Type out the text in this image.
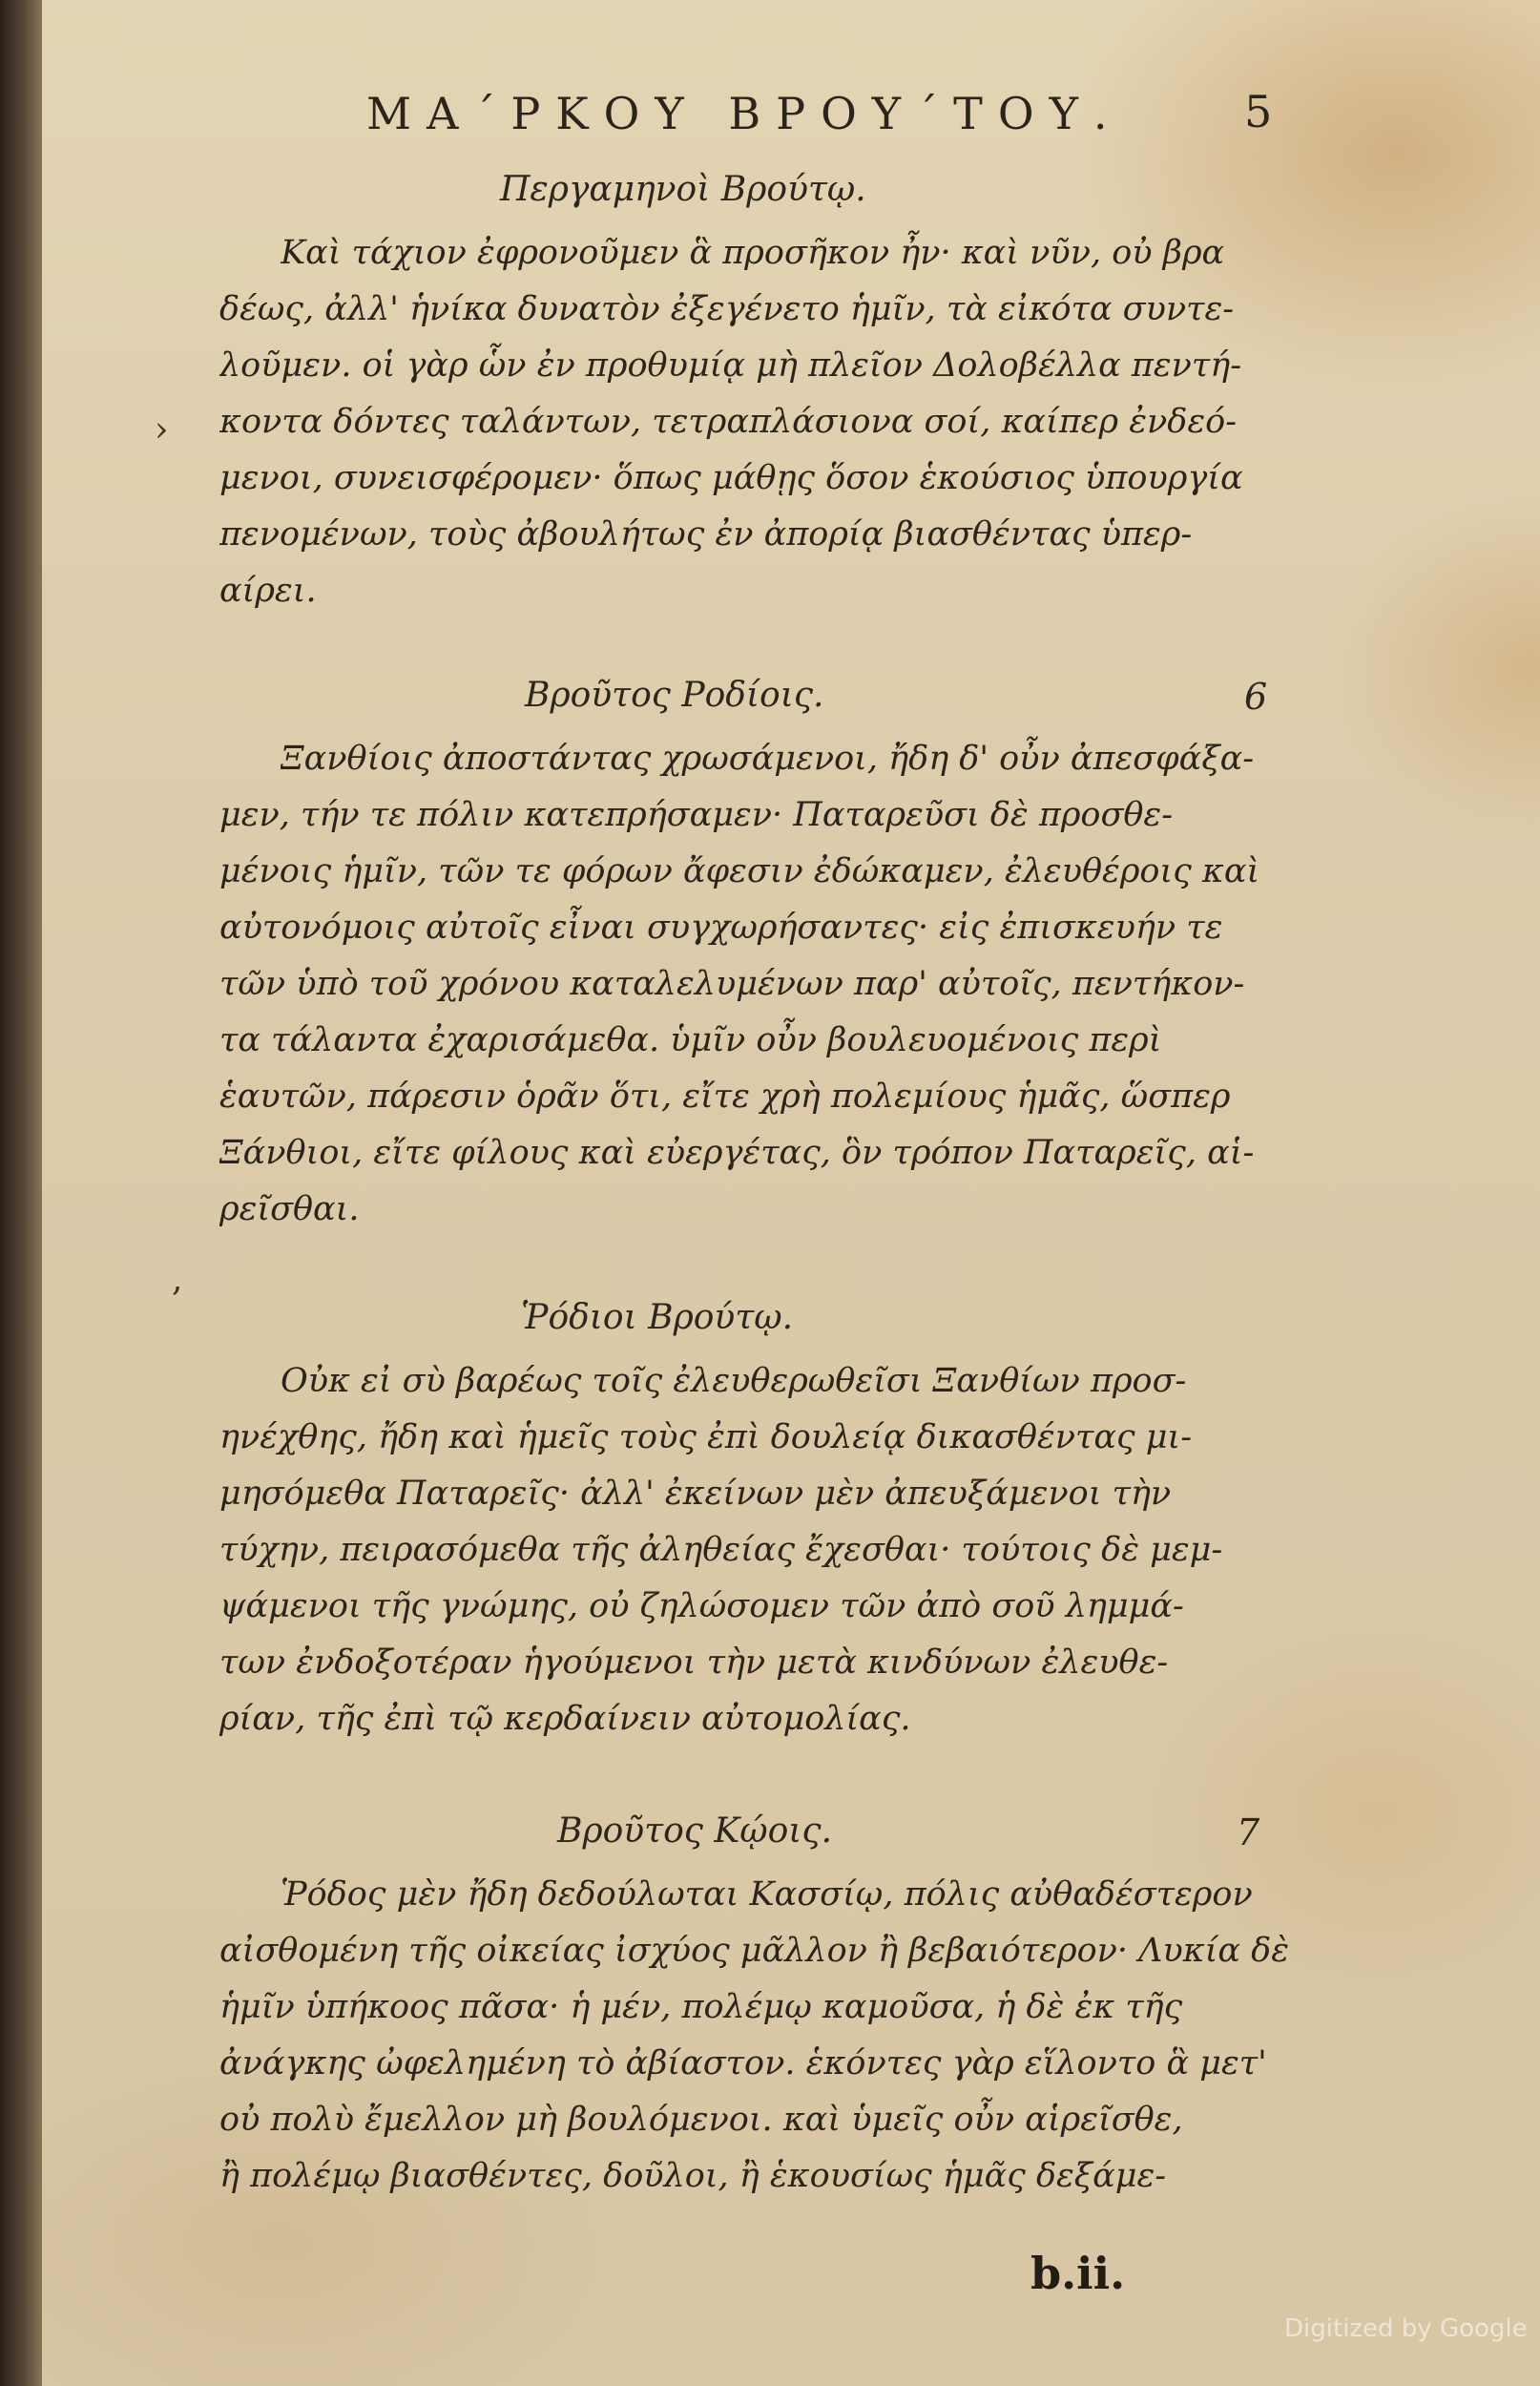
ΜΑ΄ΡΚΟΥ ΒΡΟΥ΄ΤΟΥ.	5
Περγαμηνοὶ Βρούτῳ.
Καὶ τάχιον ἐφρονοῦμεν ἃ προσῆκον ἦν· καὶ νῦν, οὐ βρα
δέως, ἀλλ' ἡνίκα δυνατὸν ἐξεγένετο ἡμῖν, τὰ εἰκότα συντε-
λοῦμεν. οἱ γὰρ ὧν ἐν προθυμίᾳ μὴ πλεῖον Δολοβέλλα πεντή-
κοντα δόντες ταλάντων, τετραπλάσιονα σοί, καίπερ ἐνδεό-
μενοι, συνεισφέρομεν· ὅπως μάθῃς ὅσον ἑκούσιος ὑπουργία
πενομένων, τοὺς ἀβουλήτως ἐν ἀπορίᾳ βιασθέντας ὑπερ-
αίρει.
Βροῦτος Ροδίοις.	6
Ξανθίοις ἀποστάντας χρωσάμενοι, ἤδη δ' οὖν ἀπεσφάξα-
μεν, τήν τε πόλιν κατεπρήσαμεν· Παταρεῦσι δὲ προσθε-
μένοις ἡμῖν, τῶν τε φόρων ἄφεσιν ἐδώκαμεν, ἐλευθέροις καὶ
αὐτονόμοις αὐτοῖς εἶναι συγχωρήσαντες· εἰς ἐπισκευήν τε
τῶν ὑπὸ τοῦ χρόνου καταλελυμένων παρ' αὐτοῖς, πεντήκον-
τα τάλαντα ἐχαρισάμεθα. ὑμῖν οὖν βουλευομένοις περὶ
ἑαυτῶν, πάρεσιν ὁρᾶν ὅτι, εἴτε χρὴ πολεμίους ἡμᾶς, ὥσπερ
Ξάνθιοι, εἴτε φίλους καὶ εὐεργέτας, ὃν τρόπον Παταρεῖς, αἱ-
ρεῖσθαι.
Ῥόδιοι Βρούτῳ.
Οὐκ εἰ σὺ βαρέως τοῖς ἐλευθερωθεῖσι Ξανθίων προσ-
ηνέχθης, ἤδη καὶ ἡμεῖς τοὺς ἐπὶ δουλείᾳ δικασθέντας μι-
μησόμεθα Παταρεῖς· ἀλλ' ἐκείνων μὲν ἀπευξάμενοι τὴν
τύχην, πειρασόμεθα τῆς ἀληθείας ἔχεσθαι· τούτοις δὲ μεμ-
ψάμενοι τῆς γνώμης, οὐ ζηλώσομεν τῶν ἀπὸ σοῦ λημμά-
των ἐνδοξοτέραν ἡγούμενοι τὴν μετὰ κινδύνων ἐλευθε-
ρίαν, τῆς ἐπὶ τῷ κερδαίνειν αὐτομολίας.
Βροῦτος Κῴοις.	7
Ῥόδος μὲν ἤδη δεδούλωται Κασσίῳ, πόλις αὐθαδέστερον
αἰσθομένη τῆς οἰκείας ἰσχύος μᾶλλον ἢ βεβαιότερον· Λυκία δὲ
ἡμῖν ὑπήκοος πᾶσα· ἡ μέν, πολέμῳ καμοῦσα, ἡ δὲ ἐκ τῆς
ἀνάγκης ὠφελημένη τὸ ἀβίαστον. ἑκόντες γὰρ εἵλοντο ἃ μετ'
οὐ πολὺ ἔμελλον μὴ βουλόμενοι. καὶ ὑμεῖς οὖν αἱρεῖσθε,
ἢ πολέμῳ βιασθέντες, δοῦλοι, ἢ ἑκουσίως ἡμᾶς δεξάμε-
b.ii.
Digitized by Google
›
,
